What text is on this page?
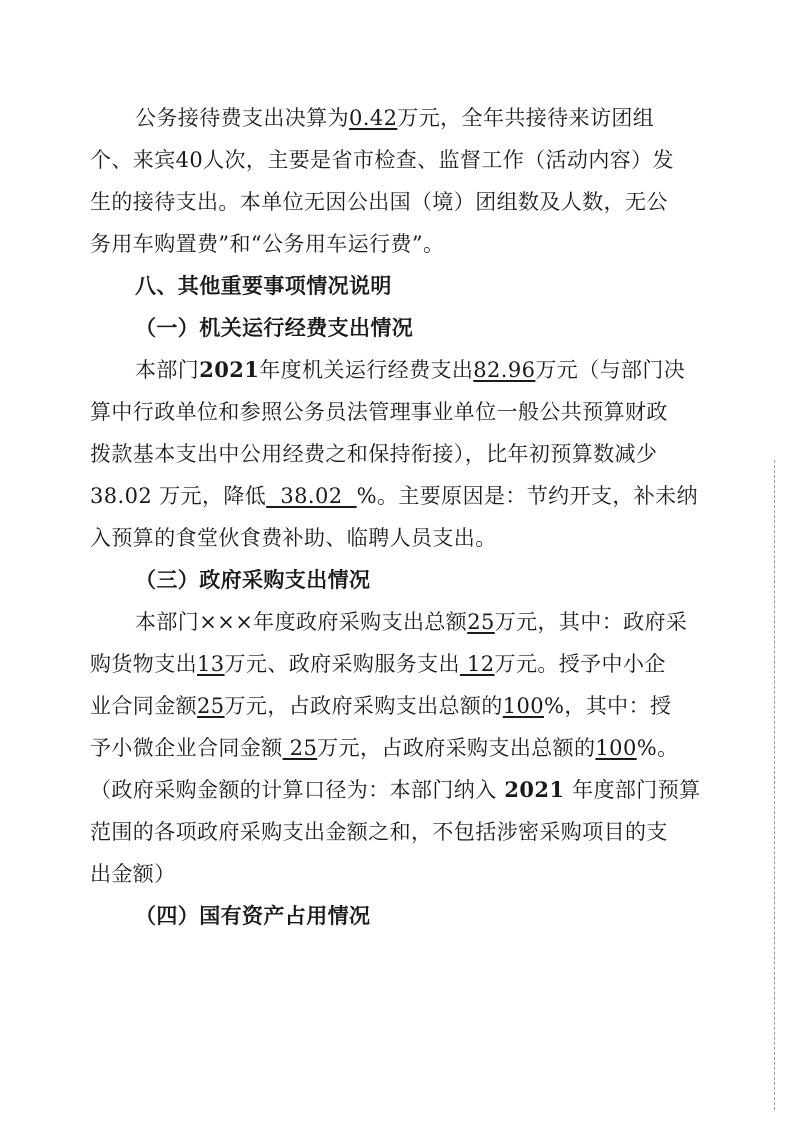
公务接待费支出决算为0.42万元，全年共接待来访团组
个、来宾40人次，主要是省市检查、监督工作（活动内容）发
生的接待支出。本单位无因公出国（境）团组数及人数，无公
务用车购置费”和“公务用车运行费”。
八、其他重要事项情况说明
（一）机关运行经费支出情况
本部门2021年度机关运行经费支出82.96万元（与部门决
算中行政单位和参照公务员法管理事业单位一般公共预算财政
拨款基本支出中公用经费之和保持衔接），比年初预算数减少
38.02 万元，降低  38.02  %。主要原因是：节约开支，补未纳
入预算的食堂伙食费补助、临聘人员支出。
（三）政府采购支出情况
本部门×××年度政府采购支出总额25万元，其中：政府采
购货物支出13万元、政府采购服务支出 12万元。授予中小企
业合同金额25万元，占政府采购支出总额的100%，其中：授
予小微企业合同金额 25万元，占政府采购支出总额的100%。
（政府采购金额的计算口径为：本部门纳入 2021 年度部门预算
范围的各项政府采购支出金额之和，不包括涉密采购项目的支
出金额）
（四）国有资产占用情况
